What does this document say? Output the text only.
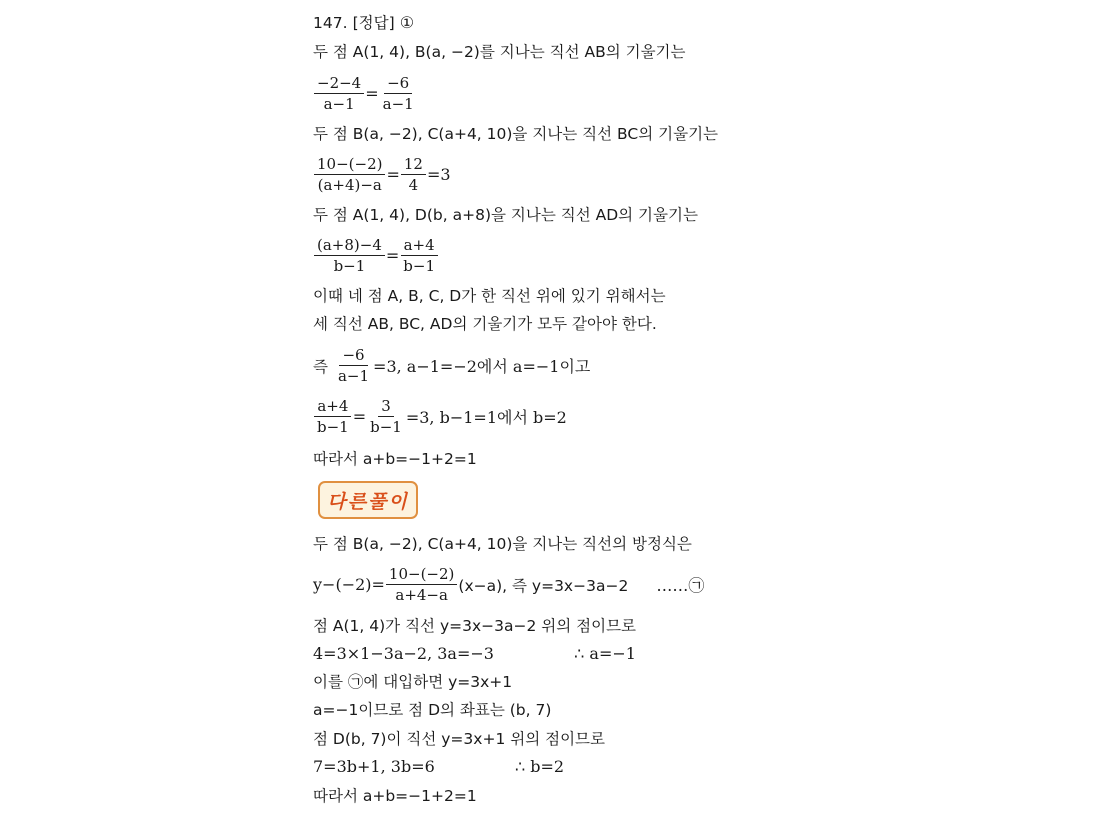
147. [정답] ①
두 점 A(1, 4), B(a, −2)를 지나는 직선 AB의 기울기는
$\frac{-2-4}{a-1} = \frac{-6}{a-1}$
두 점 B(a, −2), C(a+4, 10)을 지나는 직선 BC의 기울기는
$\frac{10-(-2)}{(a+4)-a} = \frac{12}{4} =3$
두 점 A(1, 4), D(b, a+8)을 지나는 직선 AD의 기울기는
$\frac{(a+8)-4}{b-1} = \frac{a+4}{b-1}$
이때 네 점 A, B, C, D가 한 직선 위에 있기 위해서는
세 직선 AB, BC, AD의 기울기가 모두 같아야 한다.
즉 $\frac{-6}{a-1} =3$, a−1=−2에서 a=−1이고
$\frac{a+4}{b-1} = \frac{3}{b-1} =3$, b−1=1에서 b=2
따라서 a+b=−1+2=1
다른풀이
두 점 B(a, −2), C(a+4, 10)을 지나는 직선의 방정식은
$y-(-2)= \frac{10-(-2)}{a+4-a} (x-a)$, 즉 y=3x−3a−2 ……㉠
점 A(1, 4)가 직선 y=3x−3a−2 위의 점이므로
4=3×1−3a−2, 3a=−3	∴ a=−1
이를 ㉠에 대입하면 y=3x+1
a=−1이므로 점 D의 좌표는 (b, 7)
점 D(b, 7)이 직선 y=3x+1 위의 점이므로
7=3b+1, 3b=6	∴ b=2
따라서 a+b=−1+2=1
